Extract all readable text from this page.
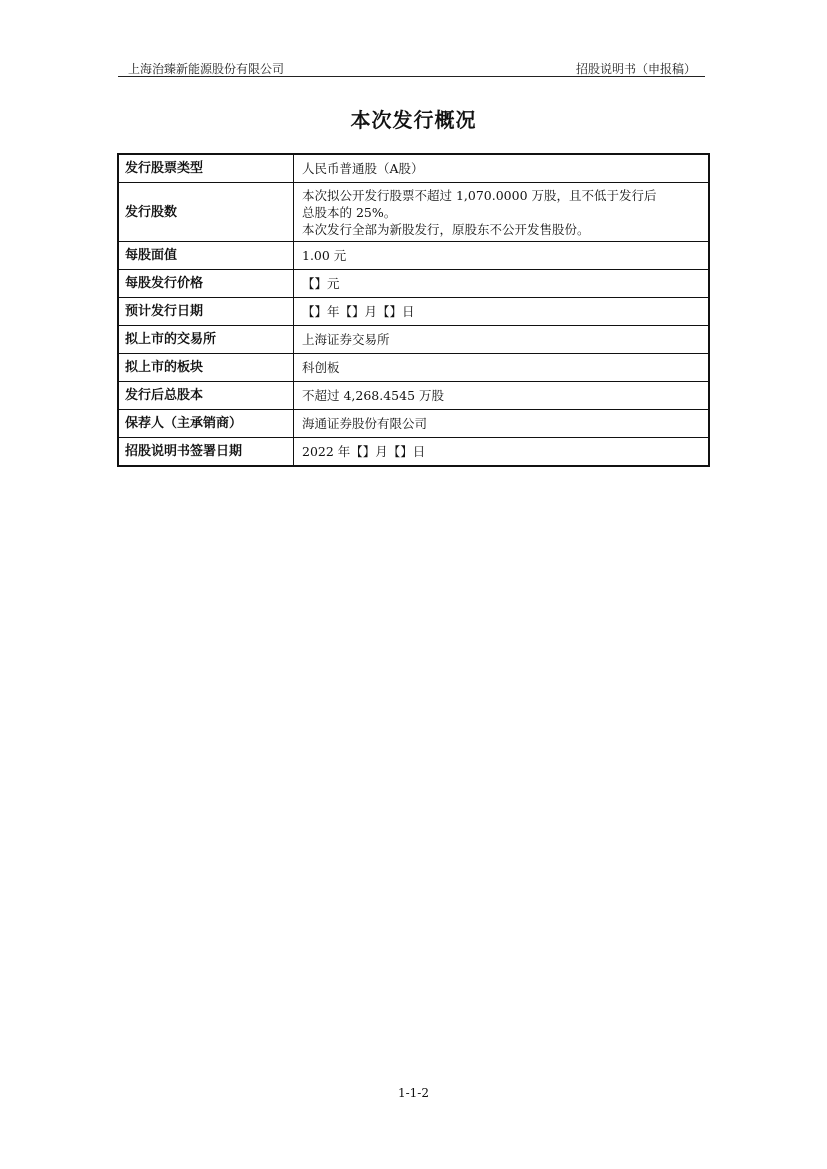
上海治臻新能源股份有限公司	招股说明书（申报稿）
本次发行概况
发行股票类型	人民币普通股（A股）

发行股数	本次拟公开发行股票不超过 1,070.0000 万股，且不低于发行后
总股本的 25%。
本次发行全部为新股发行，原股东不公开发售股份。

每股面值	1.00 元

每股发行价格	【】元

预计发行日期	【】年【】月【】日

拟上市的交易所	上海证券交易所

拟上市的板块	科创板

发行后总股本	不超过 4,268.4545 万股

保荐人（主承销商）	海通证券股份有限公司

招股说明书签署日期	2022 年【】月【】日
1-1-2
